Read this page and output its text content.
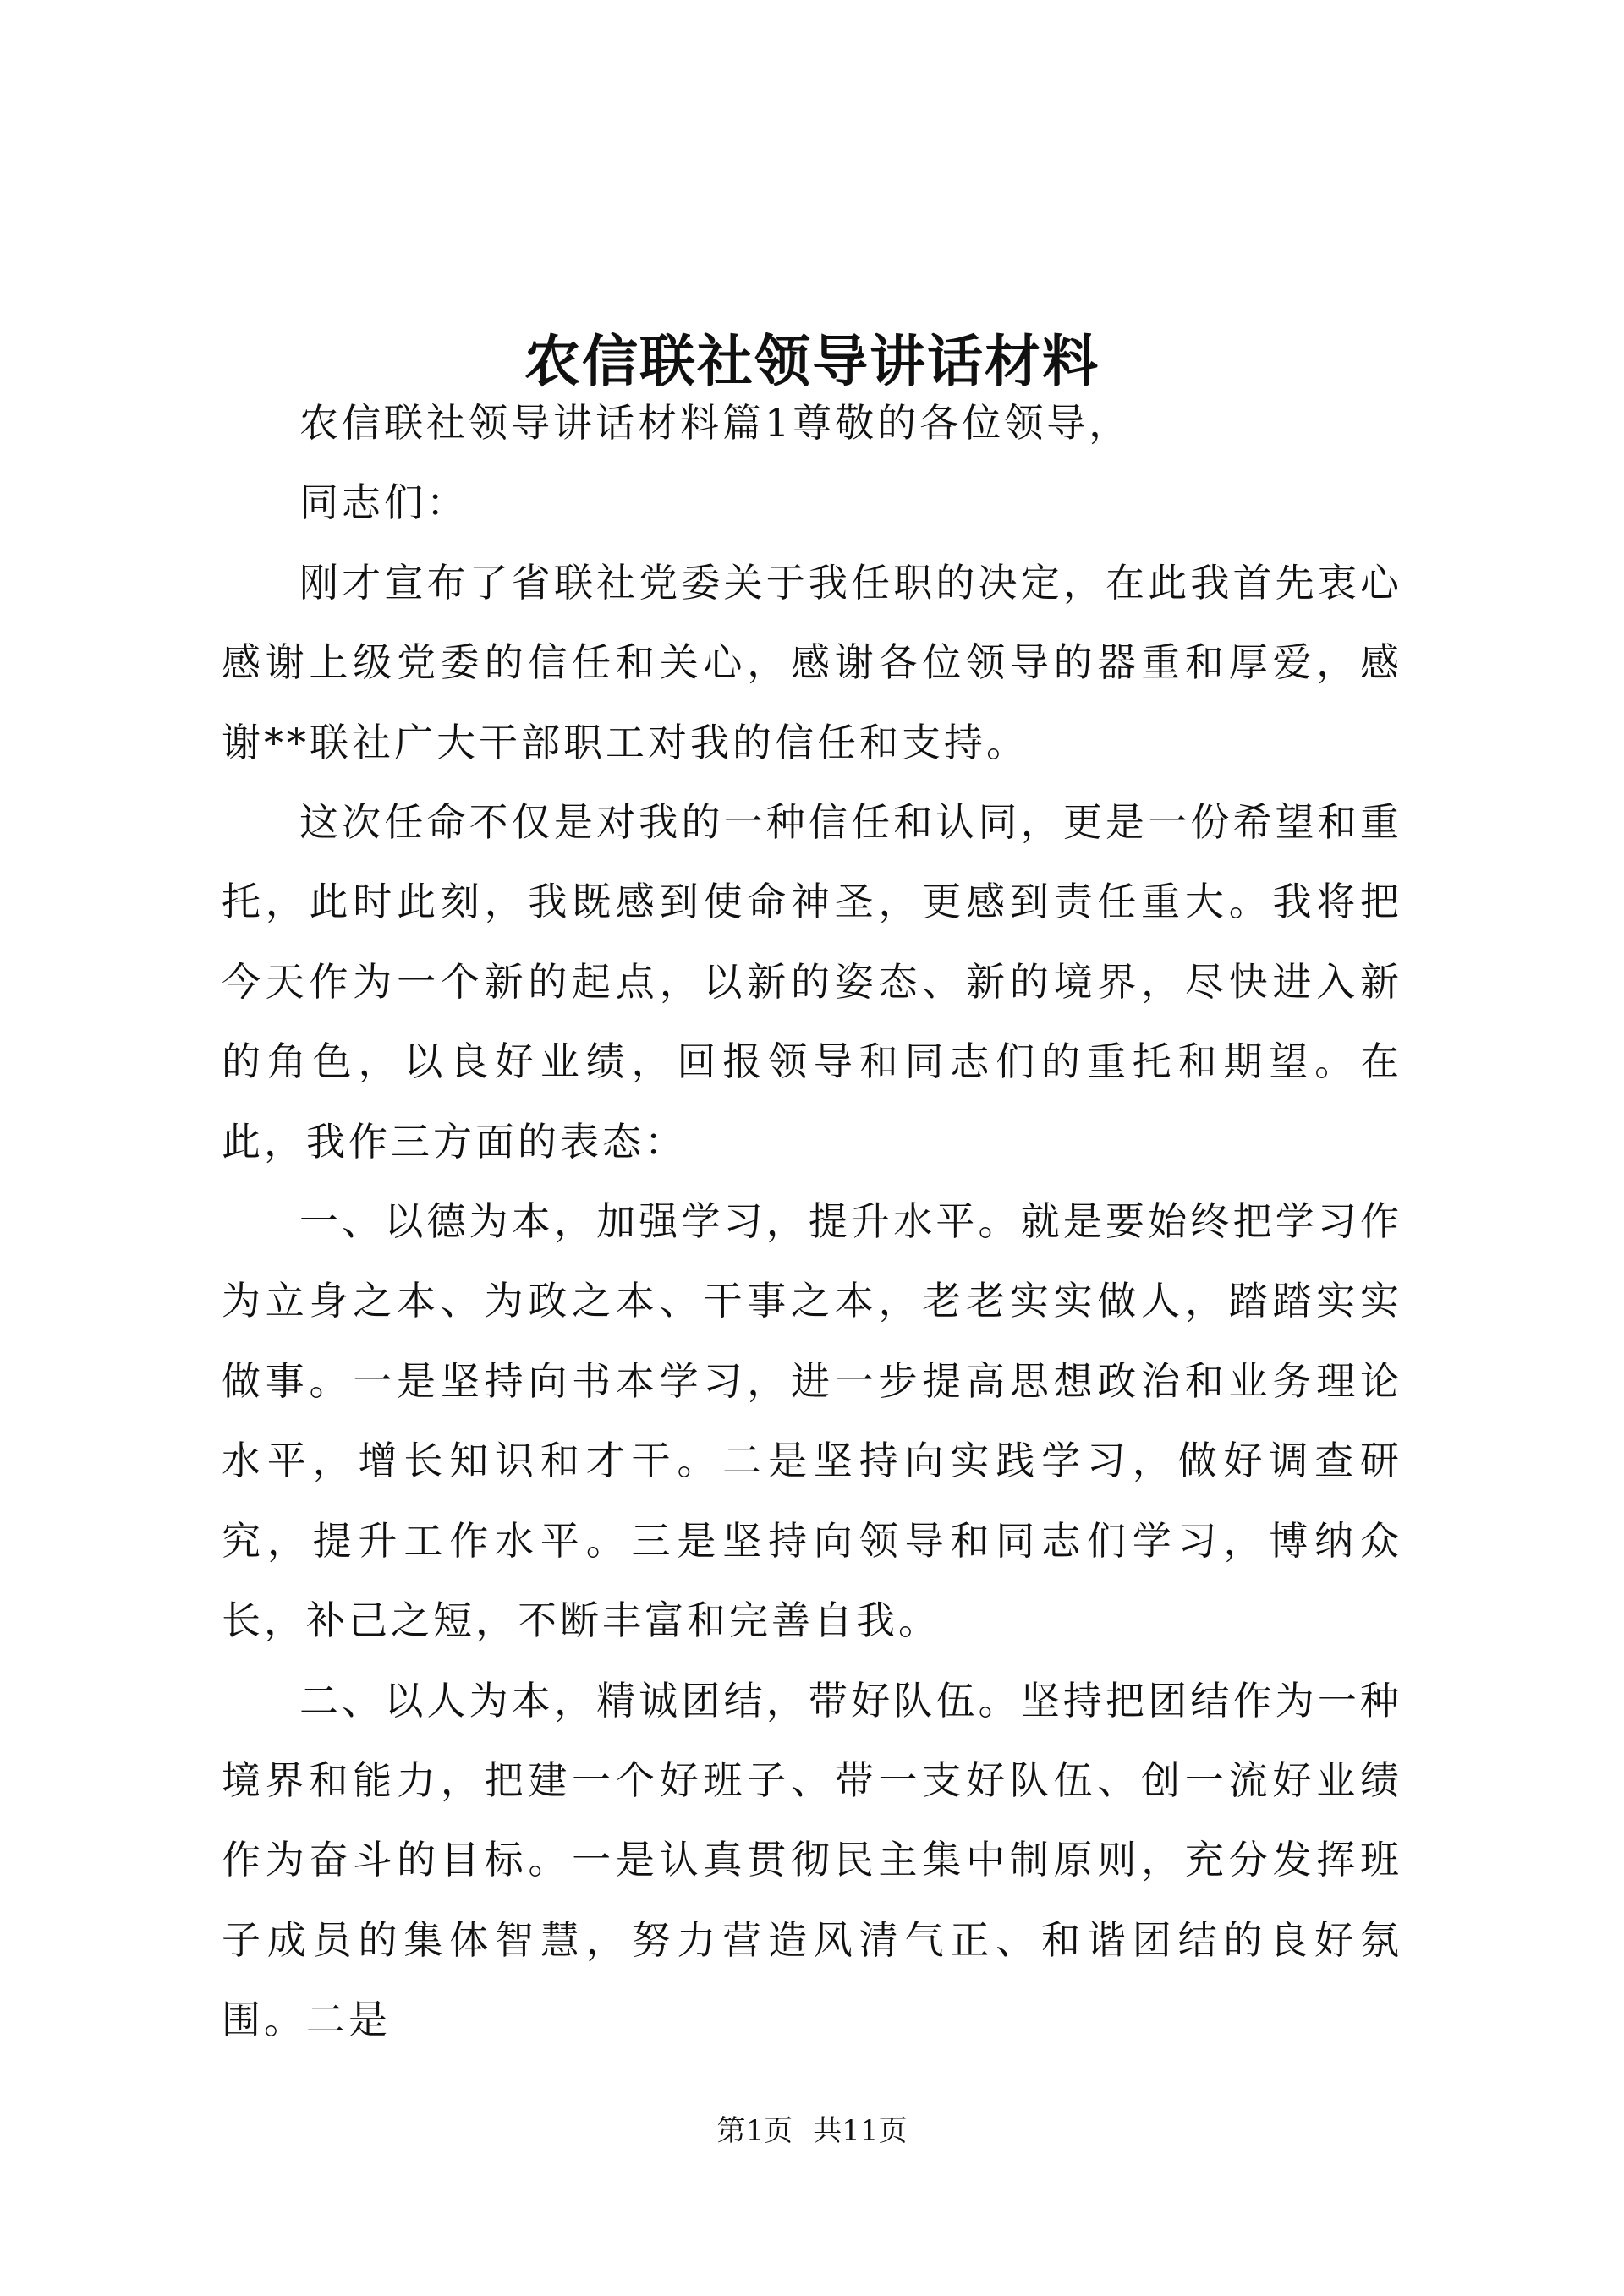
农信联社领导讲话材料

农信联社领导讲话材料篇1尊敬的各位领导，

同志们：

刚才宣布了省联社党委关于我任职的决定，在此我首先衷心感谢上级党委的信任和关心，感谢各位领导的器重和厚爱，感谢**联社广大干部职工对我的信任和支持。

这次任命不仅是对我的一种信任和认同，更是一份希望和重托，此时此刻，我既感到使命神圣，更感到责任重大。我将把今天作为一个新的起点，以新的姿态、新的境界，尽快进入新的角色，以良好业绩，回报领导和同志们的重托和期望。在此，我作三方面的表态：

一、以德为本，加强学习，提升水平。就是要始终把学习作为立身之本、为政之本、干事之本，老老实实做人，踏踏实实做事。一是坚持向书本学习，进一步提高思想政治和业务理论水平，增长知识和才干。二是坚持向实践学习，做好调查研究，提升工作水平。三是坚持向领导和同志们学习，博纳众长，补己之短，不断丰富和完善自我。

二、以人为本，精诚团结，带好队伍。坚持把团结作为一种境界和能力，把建一个好班子、带一支好队伍、创一流好业绩作为奋斗的目标。一是认真贯彻民主集中制原则，充分发挥班子成员的集体智慧，努力营造风清气正、和谐团结的良好氛围。二是

第1页 共11页
